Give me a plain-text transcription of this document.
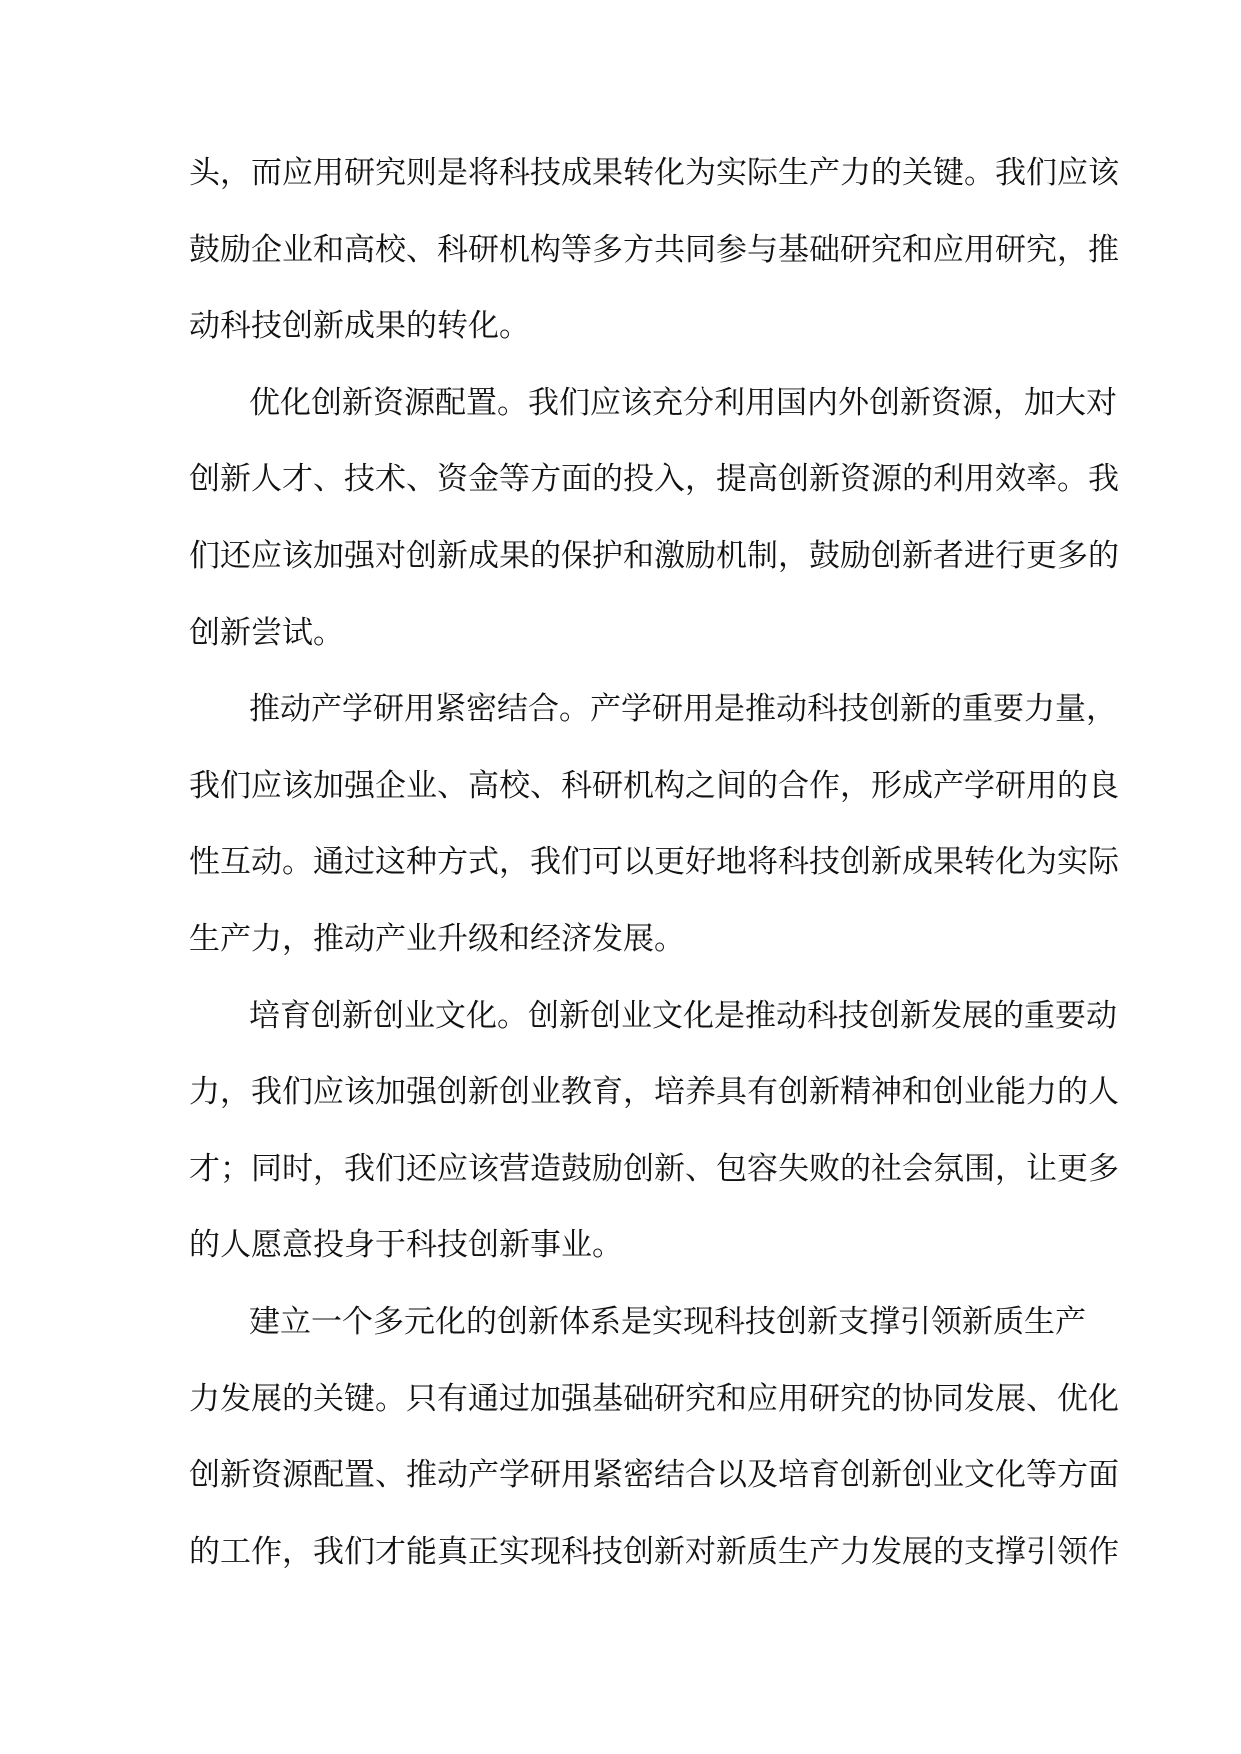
头，而应用研究则是将科技成果转化为实际生产力的关键。我们应该
鼓励企业和高校、科研机构等多方共同参与基础研究和应用研究，推
动科技创新成果的转化。
优化创新资源配置。我们应该充分利用国内外创新资源，加大对
创新人才、技术、资金等方面的投入，提高创新资源的利用效率。我
们还应该加强对创新成果的保护和激励机制，鼓励创新者进行更多的
创新尝试。
推动产学研用紧密结合。产学研用是推动科技创新的重要力量，
我们应该加强企业、高校、科研机构之间的合作，形成产学研用的良
性互动。通过这种方式，我们可以更好地将科技创新成果转化为实际
生产力，推动产业升级和经济发展。
培育创新创业文化。创新创业文化是推动科技创新发展的重要动
力，我们应该加强创新创业教育，培养具有创新精神和创业能力的人
才；同时，我们还应该营造鼓励创新、包容失败的社会氛围，让更多
的人愿意投身于科技创新事业。
建立一个多元化的创新体系是实现科技创新支撑引领新质生产
力发展的关键。只有通过加强基础研究和应用研究的协同发展、优化
创新资源配置、推动产学研用紧密结合以及培育创新创业文化等方面
的工作，我们才能真正实现科技创新对新质生产力发展的支撑引领作
